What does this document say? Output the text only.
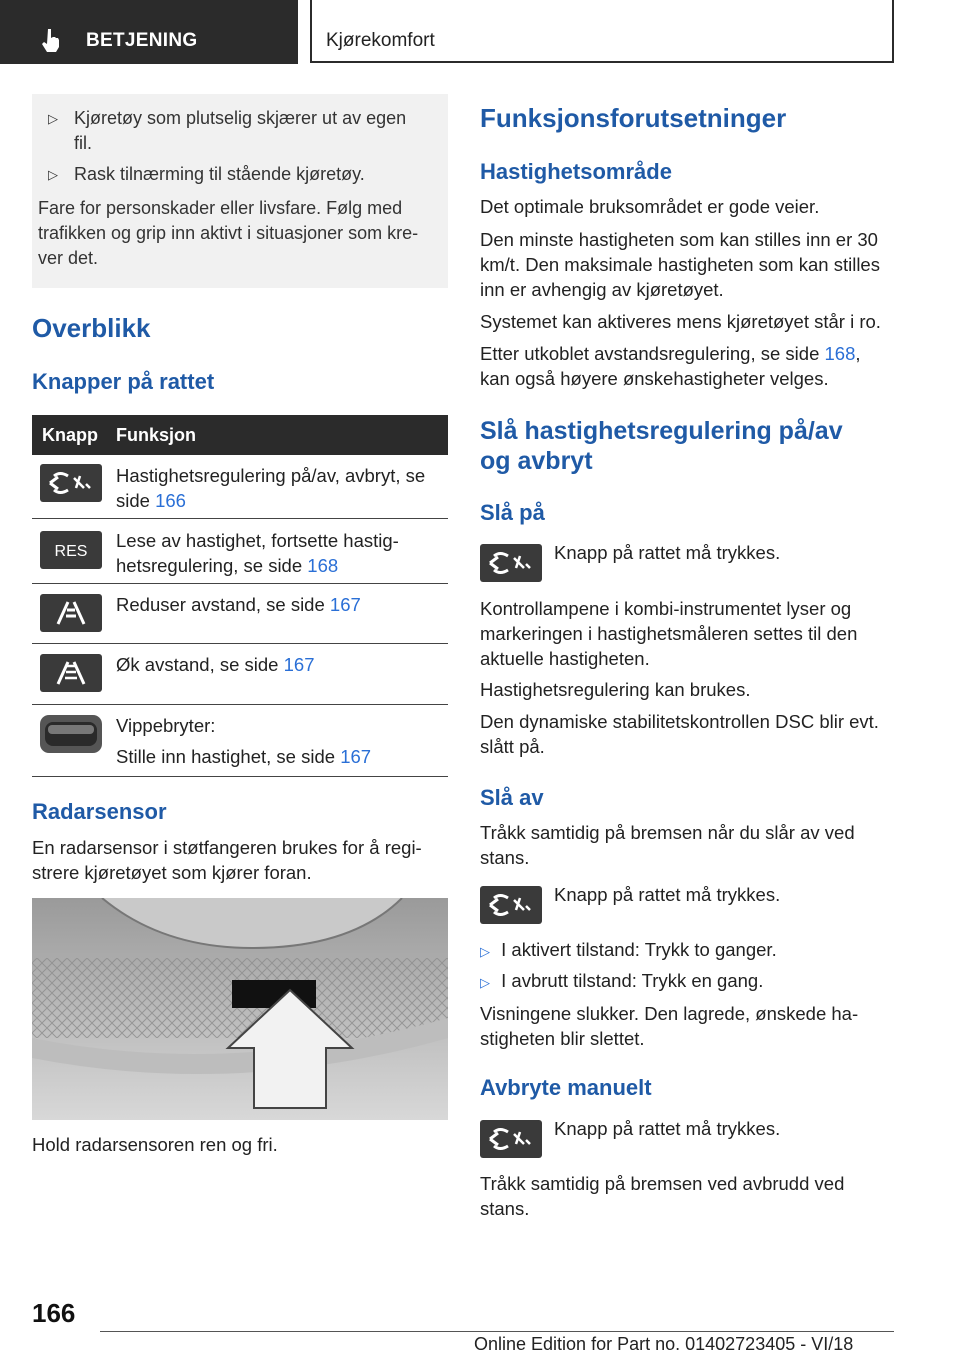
BETJENING	Kjørekomfort
▷ Kjøretøy som plutselig skjærer ut av egen fil.
▷ Rask tilnærming til stående kjøretøy.
Fare for personskader eller livsfare. Følg med trafikken og grip inn aktivt i situasjoner som kre-ver det.
Overblikk
Knapper på rattet
Knapp Funksjon
Hastighetsregulering på/av, avbryt, se side 166
RES
Lese av hastighet, fortsette hastig-hetsregulering, se side 168
Reduser avstand, se side 167
Øk avstand, se side 167
Vippebryter:
Stille inn hastighet, se side 167
Radarsensor
En radarsensor i støtfangeren brukes for å regi-strere kjøretøyet som kjører foran.
Hold radarsensoren ren og fri.
Funksjonsforutsetninger
Hastighetsområde
Det optimale bruksområdet er gode veier.
Den minste hastigheten som kan stilles inn er 30 km/t. Den maksimale hastigheten som kan stilles inn er avhengig av kjøretøyet.
Systemet kan aktiveres mens kjøretøyet står i ro.
Etter utkoblet avstandsregulering, se side 168, kan også høyere ønskehastigheter velges.
Slå hastighetsregulering på/av
og avbryt
Slå på
Knapp på rattet må trykkes.
Kontrollampene i kombi-instrumentet lyser og markeringen i hastighetsmåleren settes til den aktuelle hastigheten.
Hastighetsregulering kan brukes.
Den dynamiske stabilitetskontrollen DSC blir evt. slått på.
Slå av
Tråkk samtidig på bremsen når du slår av ved stans.
Knapp på rattet må trykkes.
▷ I aktivert tilstand: Trykk to ganger.
▷ I avbrutt tilstand: Trykk en gang.
Visningene slukker. Den lagrede, ønskede ha-stigheten blir slettet.
Avbryte manuelt
Knapp på rattet må trykkes.
Tråkk samtidig på bremsen ved avbrudd ved stans.
166
Online Edition for Part no. 01402723405 - VI/18
